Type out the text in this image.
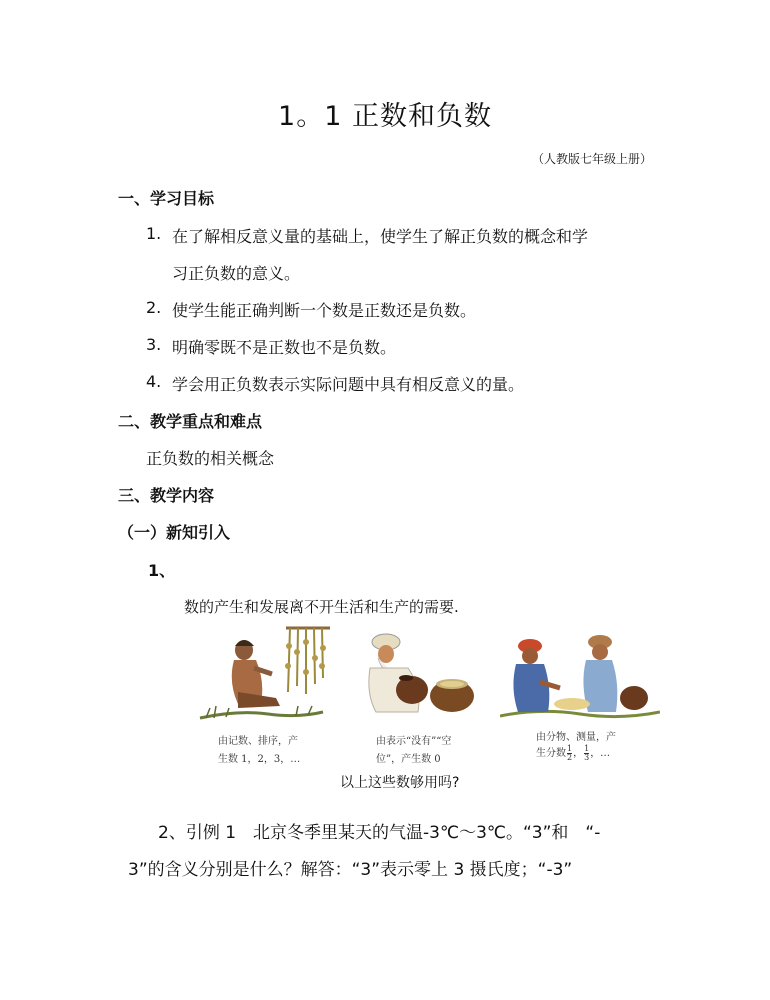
1。1 正数和负数
（人教版七年级上册）
一、学习目标
1. 在了解相反意义量的基础上，使学生了解正负数的概念和学
习正负数的意义。
2. 使学生能正确判断一个数是正数还是负数。
3. 明确零既不是正数也不是负数。
4. 学会用正负数表示实际问题中具有相反意义的量。
二、教学重点和难点
正负数的相关概念
三、教学内容
（一）新知引入
1、
数的产生和发展离不开生活和生产的需要.
由记数、排序，产
生数 1，2，3，…
由表示“没有”“空
位”，产生数 0
由分物、测量，产
生分数 $\frac{1}{2}$ ， $\frac{1}{3}$ ，…
以上这些数够用吗?
2、引例 1　北京冬季里某天的气温-3℃～3℃。“3”和　“-
3”的含义分别是什么？解答：“3”表示零上 3 摄氏度；“-3”
